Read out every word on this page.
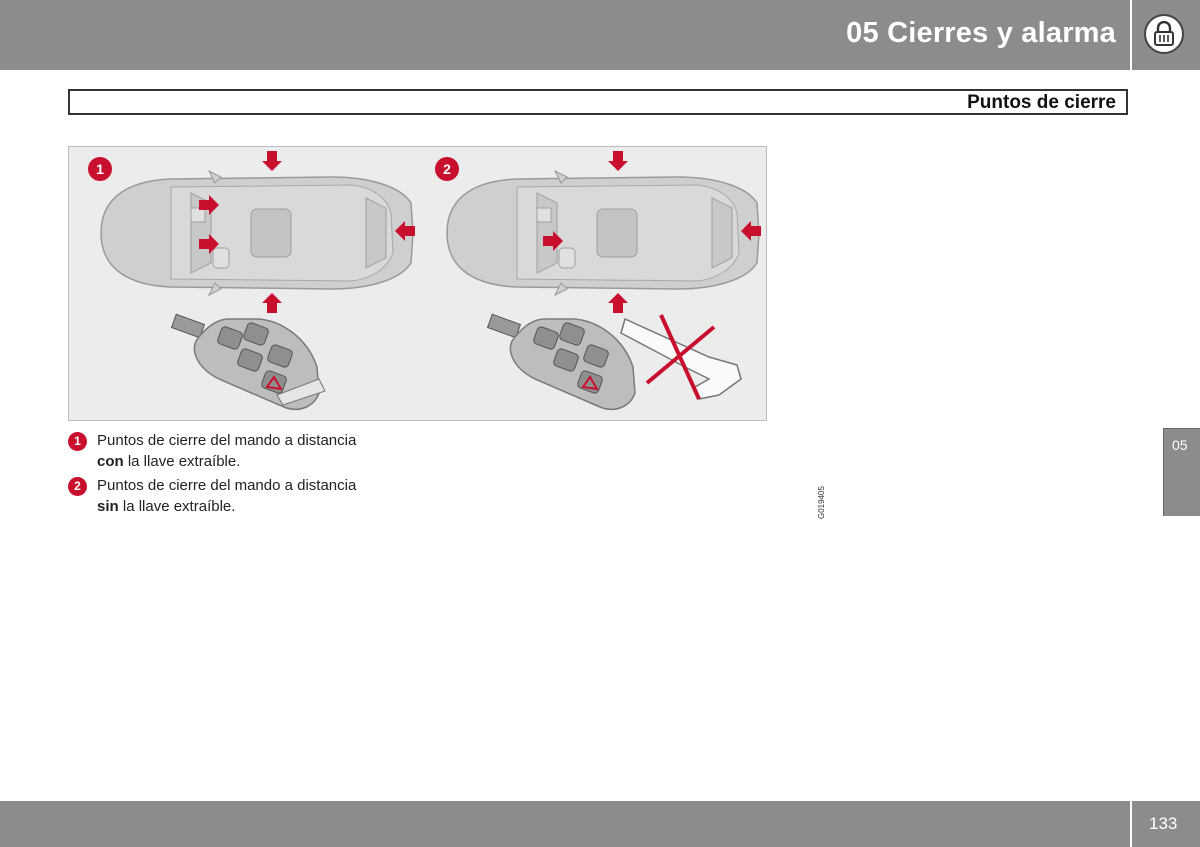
05 Cierres y alarma
Puntos de cierre
1	2
G019405
1	Puntos de cierre del mando a distancia
con la llave extraíble.
2	Puntos de cierre del mando a distancia
sin la llave extraíble.
05
133
